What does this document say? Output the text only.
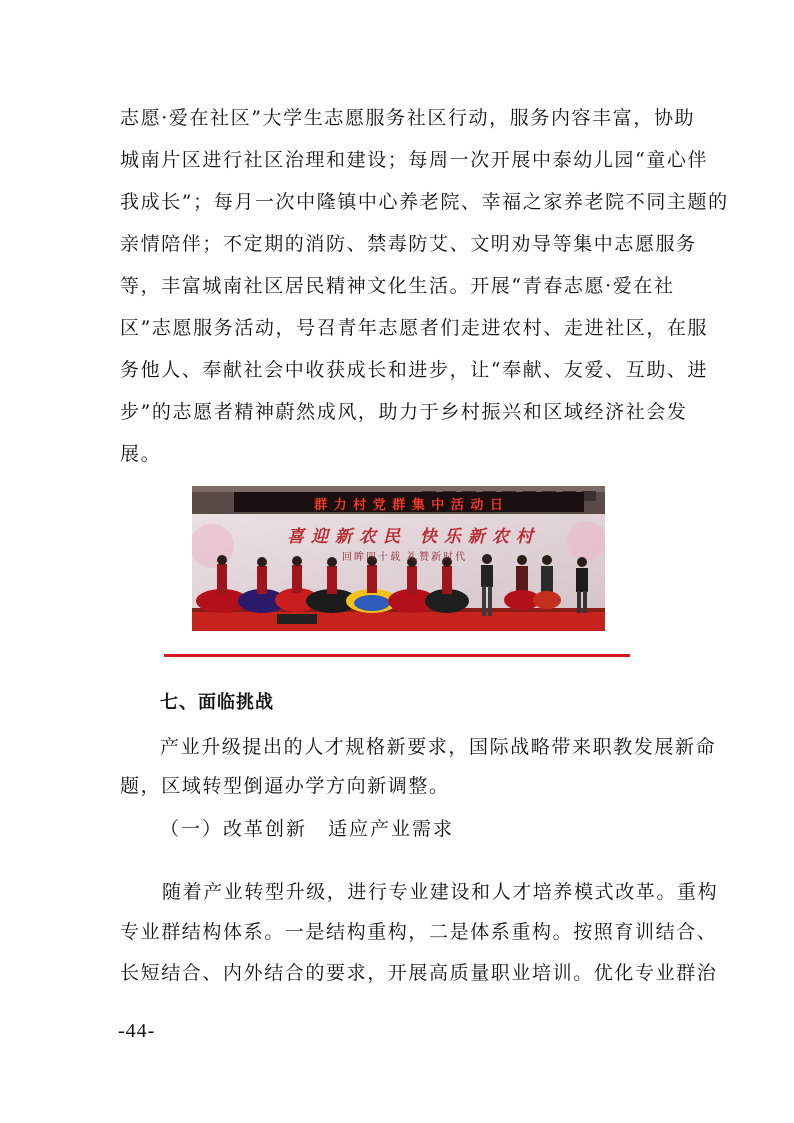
志愿·爱在社区”大学生志愿服务社区行动，服务内容丰富，协助
城南片区进行社区治理和建设；每周一次开展中泰幼儿园“童心伴
我成长”；每月一次中隆镇中心养老院、幸福之家养老院不同主题的
亲情陪伴；不定期的消防、禁毒防艾、文明劝导等集中志愿服务
等，丰富城南社区居民精神文化生活。开展“青春志愿·爱在社
区”志愿服务活动，号召青年志愿者们走进农村、走进社区，在服
务他人、奉献社会中收获成长和进步，让“奉献、友爱、互助、进
步”的志愿者精神蔚然成风，助力于乡村振兴和区域经济社会发
展。
群 力 村 党 群 集 中 活 动 日
喜迎新农民 快乐新农村
回眸四十载 礼赞新时代
七、面临挑战
产业升级提出的人才规格新要求，国际战略带来职教发展新命
题，区域转型倒逼办学方向新调整。
（一）改革创新　适应产业需求
随着产业转型升级，进行专业建设和人才培养模式改革。重构
专业群结构体系。一是结构重构，二是体系重构。按照育训结合、
长短结合、内外结合的要求，开展高质量职业培训。优化专业群治
-44-
